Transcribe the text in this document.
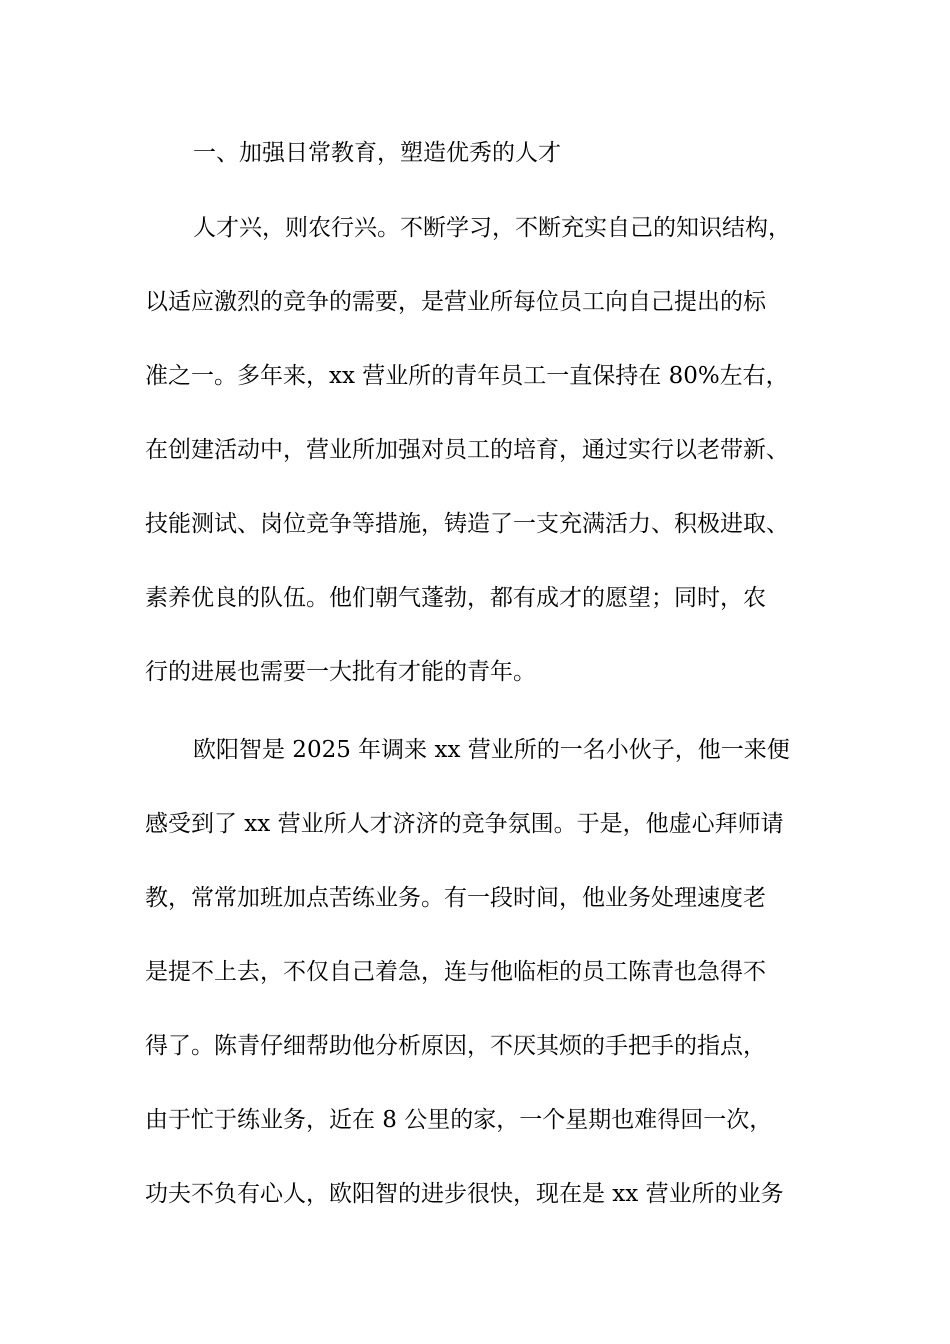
一、加强日常教育，塑造优秀的人才
人才兴，则农行兴。不断学习，不断充实自己的知识结构，
以适应激烈的竞争的需要，是营业所每位员工向自己提出的标
准之一。多年来，xx 营业所的青年员工一直保持在 80%左右，
在创建活动中，营业所加强对员工的培育，通过实行以老带新、
技能测试、岗位竞争等措施，铸造了一支充满活力、积极进取、
素养优良的队伍。他们朝气蓬勃，都有成才的愿望；同时，农
行的进展也需要一大批有才能的青年。
欧阳智是 2025 年调来 xx 营业所的一名小伙子，他一来便
感受到了 xx 营业所人才济济的竞争氛围。于是，他虚心拜师请
教，常常加班加点苦练业务。有一段时间，他业务处理速度老
是提不上去，不仅自己着急，连与他临柜的员工陈青也急得不
得了。陈青仔细帮助他分析原因，不厌其烦的手把手的指点，
由于忙于练业务，近在 8 公里的家，一个星期也难得回一次，
功夫不负有心人，欧阳智的进步很快，现在是 xx 营业所的业务
